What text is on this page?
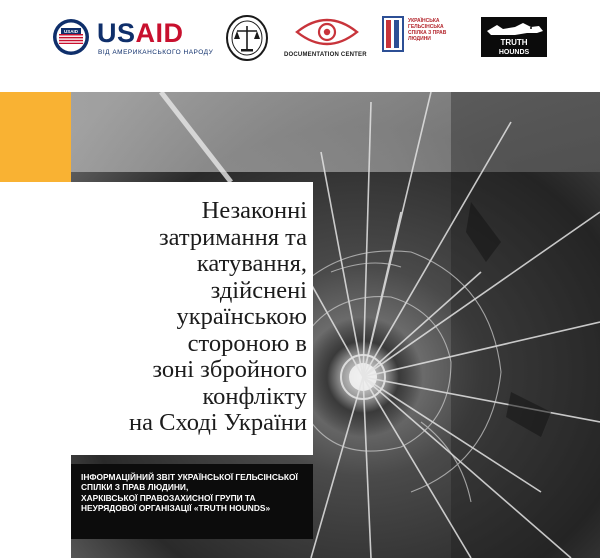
USAID USAID
ВІД АМЕРИКАНСЬКОГО НАРОДУ	DOCUMENTATION CENTER
УКРАЇНСЬКА ГЕЛЬСІНСЬКА СПІЛКА З ПРАВ ЛЮДИНИ	TRUTH
HOUNDS
Незаконні
затримання та
катування,
здійснені
українською
стороною в
зоні збройного
конфлікту
на Сході України

ІНФОРМАЦІЙНИЙ ЗВІТ УКРАЇНСЬКОЇ ГЕЛЬСІНСЬКОЇ
СПІЛКИ З ПРАВ ЛЮДИНИ,
ХАРКІВСЬКОЇ ПРАВОЗАХИСНОЇ ГРУПИ ТА
НЕУРЯДОВОЇ ОРГАНІЗАЦІЇ «TRUTH HOUNDS»
